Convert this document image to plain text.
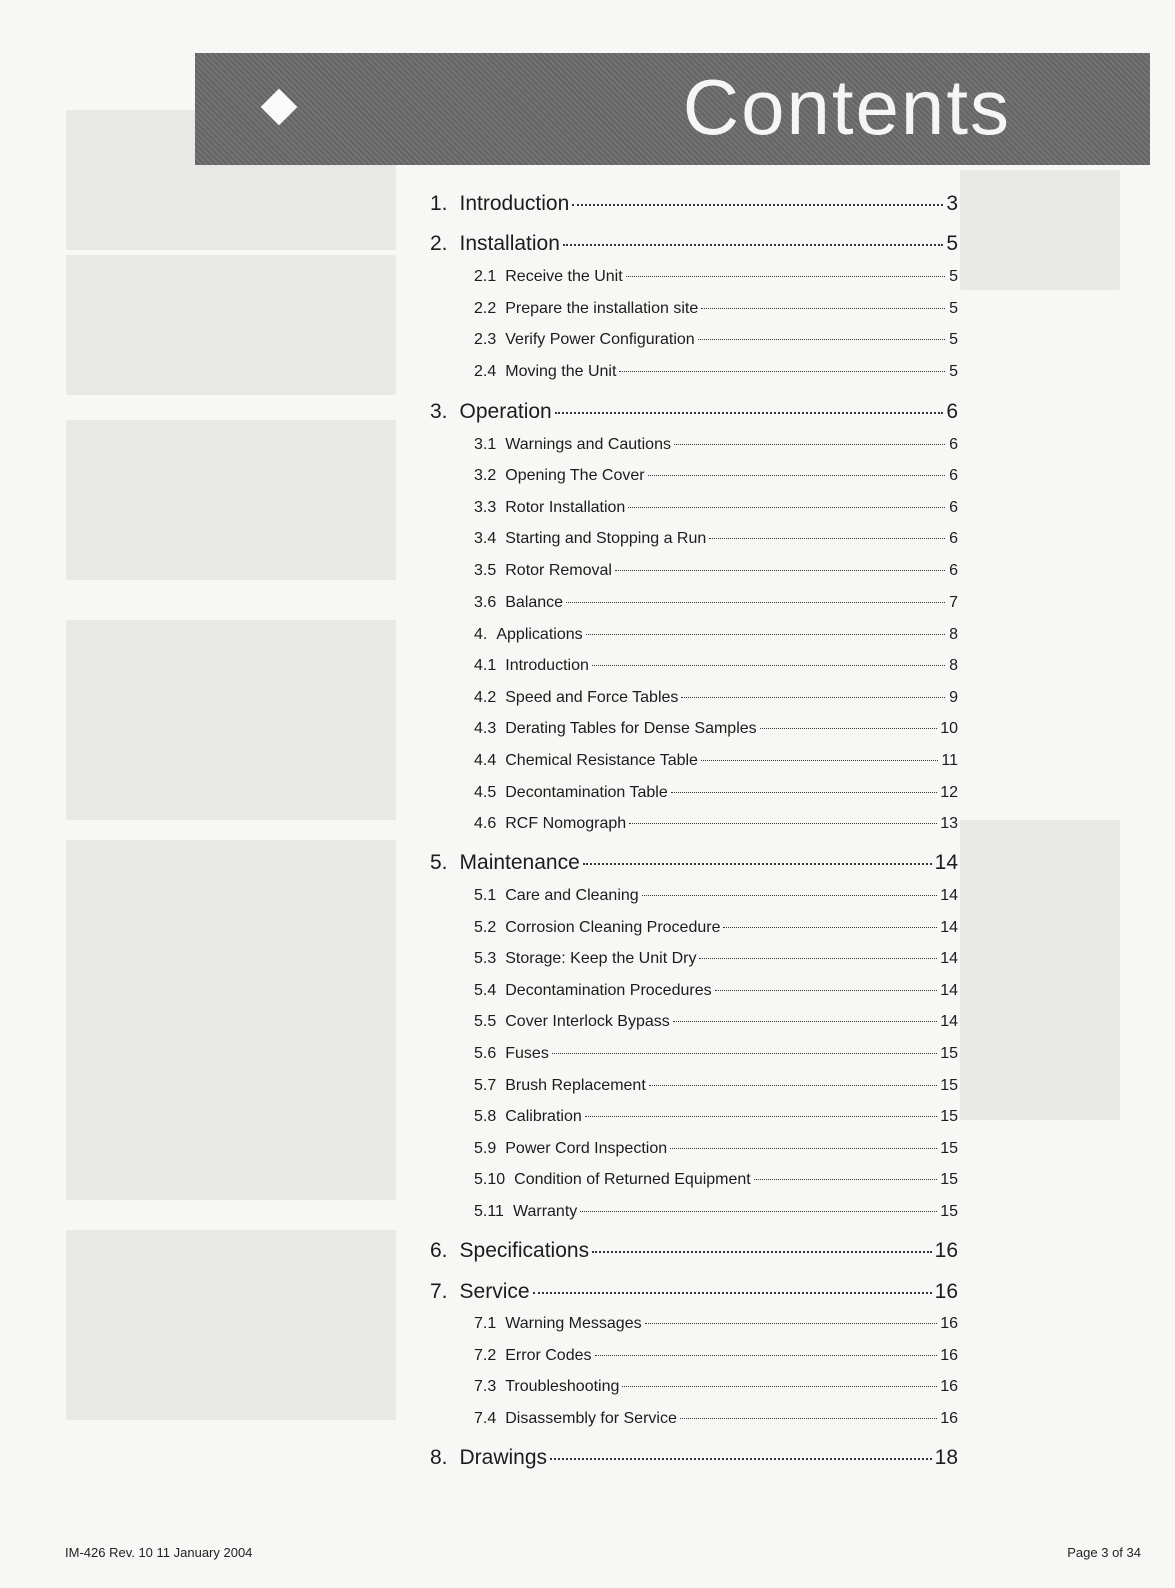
Contents
1. Introduction	3
2. Installation	5
2.1 Receive the Unit	5
2.2 Prepare the installation site	5
2.3 Verify Power Configuration	5
2.4 Moving the Unit	5
3. Operation	6
3.1 Warnings and Cautions	6
3.2 Opening The Cover	6
3.3 Rotor Installation	6
3.4 Starting and Stopping a Run	6
3.5 Rotor Removal	6
3.6 Balance	7
4. Applications	8
4.1 Introduction	8
4.2 Speed and Force Tables	9
4.3 Derating Tables for Dense Samples	10
4.4 Chemical Resistance Table	11
4.5 Decontamination Table	12
4.6 RCF Nomograph	13
5. Maintenance	14
5.1 Care and Cleaning	14
5.2 Corrosion Cleaning Procedure	14
5.3 Storage: Keep the Unit Dry	14
5.4 Decontamination Procedures	14
5.5 Cover Interlock Bypass	14
5.6 Fuses	15
5.7 Brush Replacement	15
5.8 Calibration	15
5.9 Power Cord Inspection	15
5.10 Condition of Returned Equipment	15
5.11 Warranty	15
6. Specifications	16
7. Service	16
7.1 Warning Messages	16
7.2 Error Codes	16
7.3 Troubleshooting	16
7.4 Disassembly for Service	16
8. Drawings	18
IM-426 Rev. 10 11 January 2004	Page 3 of 34
